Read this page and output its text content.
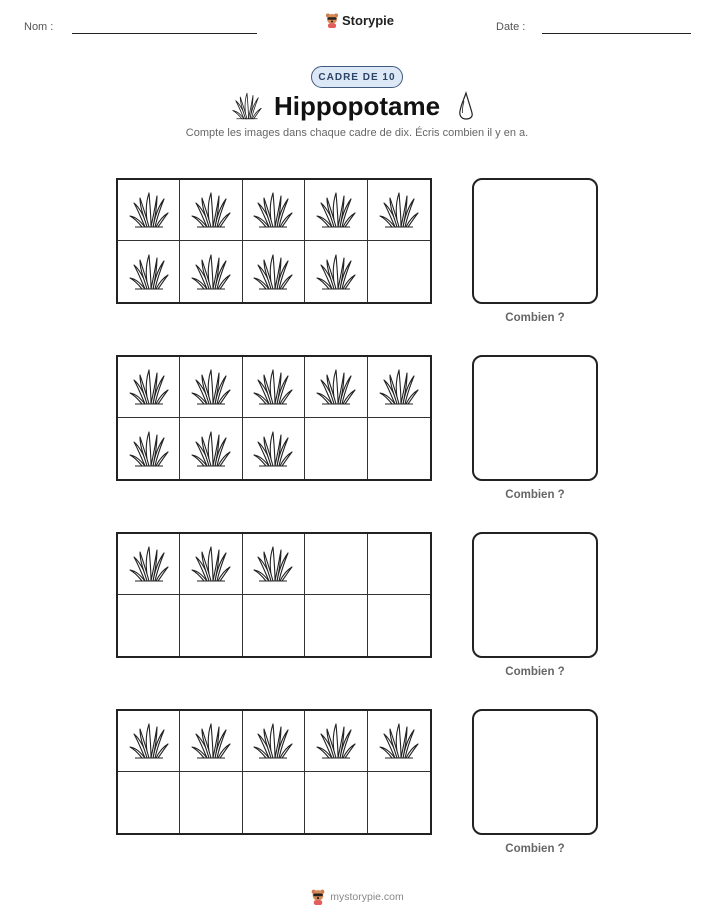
Nom :	Storypie	Date :
CADRE DE 10
Hippopotame
Compte les images dans chaque cadre de dix. Écris combien il y en a.
Combien ?
Combien ?
Combien ?
Combien ?
mystorypie.com
